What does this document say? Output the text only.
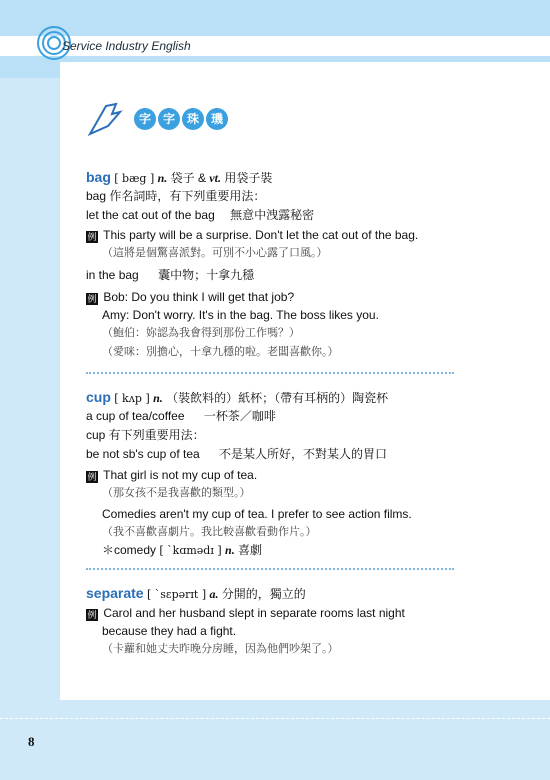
Service Industry English
字 字 珠 璣
bag [ bæg ] n. 袋子 & vt. 用袋子裝
bag 作名詞時，有下列重要用法：
let the cat out of the bag 無意中洩露秘密
例 This party will be a surprise. Don't let the cat out of the bag.
（這將是個驚喜派對。可別不小心露了口風。）
in the bag 囊中物；十拿九穩
例 Bob: Do you think I will get that job?
Amy: Don't worry. It's in the bag. The boss likes you.
（鮑伯：妳認為我會得到那份工作嗎？）
（愛咪：別擔心，十拿九穩的啦。老闆喜歡你。）
cup [ kʌp ] n. （裝飲料的）紙杯；（帶有耳柄的）陶瓷杯
a cup of tea/coffee 一杯茶／咖啡
cup 有下列重要用法：
be not sb's cup of tea 不是某人所好，不對某人的胃口
例 That girl is not my cup of tea.
（那女孩不是我喜歡的類型。）
Comedies aren't my cup of tea. I prefer to see action films.
（我不喜歡喜劇片。我比較喜歡看動作片。）
＊comedy [ ˋkɑmədɪ ] n. 喜劇
separate [ ˋsɛpərɪt ] a. 分開的，獨立的
例 Carol and her husband slept in separate rooms last night
because they had a fight.
（卡蘿和她丈夫昨晚分房睡，因為他們吵架了。）
8
